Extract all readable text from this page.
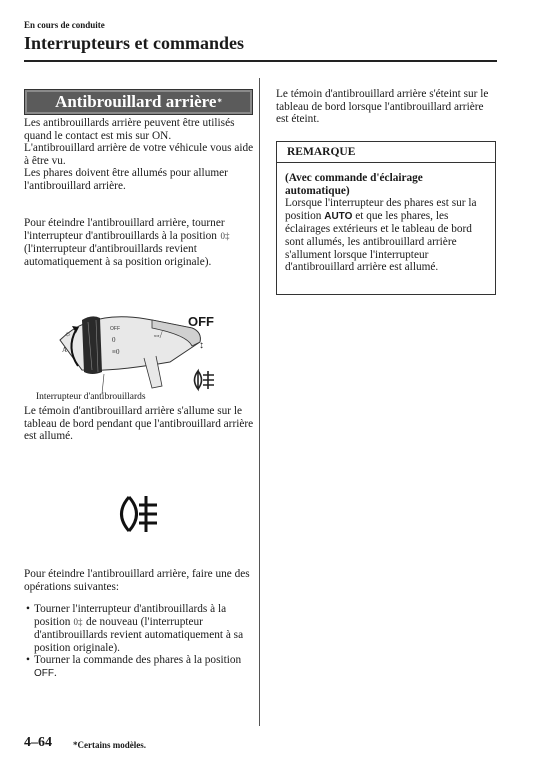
En cours de conduite
Interrupteurs et commandes
Antibrouillard arrière *

Les antibrouillards arrière peuvent être utilisés quand le contact est mis sur ON.

L'antibrouillard arrière de votre véhicule vous aide à être vu.

Les phares doivent être allumés pour allumer l'antibrouillard arrière.

Pour éteindre l'antibrouillard arrière, tourner l'interrupteur d'antibrouillards à la position 0‡ (l'interrupteur d'antibrouillards revient automatiquement à sa position originale).
OFF
0
≡0
⇎
☼
A
OFF
↕
Interrupteur d'antibrouillards
Le témoin d'antibrouillard arrière s'allume sur le tableau de bord pendant que l'antibrouillard arrière est allumé.
Pour éteindre l'antibrouillard arrière, faire une des opérations suivantes:
• Tourner l'interrupteur d'antibrouillards à la position 0‡ de nouveau (l'interrupteur d'antibrouillards revient automatiquement à sa position originale).
• Tourner la commande des phares à la position OFF.
Le témoin d'antibrouillard arrière s'éteint sur le tableau de bord lorsque l'antibrouillard arrière est éteint.
REMARQUE
(Avec commande d'éclairage automatique)
Lorsque l'interrupteur des phares est sur la position AUTO et que les phares, les éclairages extérieurs et le tableau de bord sont allumés, les antibrouillard arrière s'allument lorsque l'interrupteur d'antibrouillard arrière est allumé.
4–64 *Certains modèles.
